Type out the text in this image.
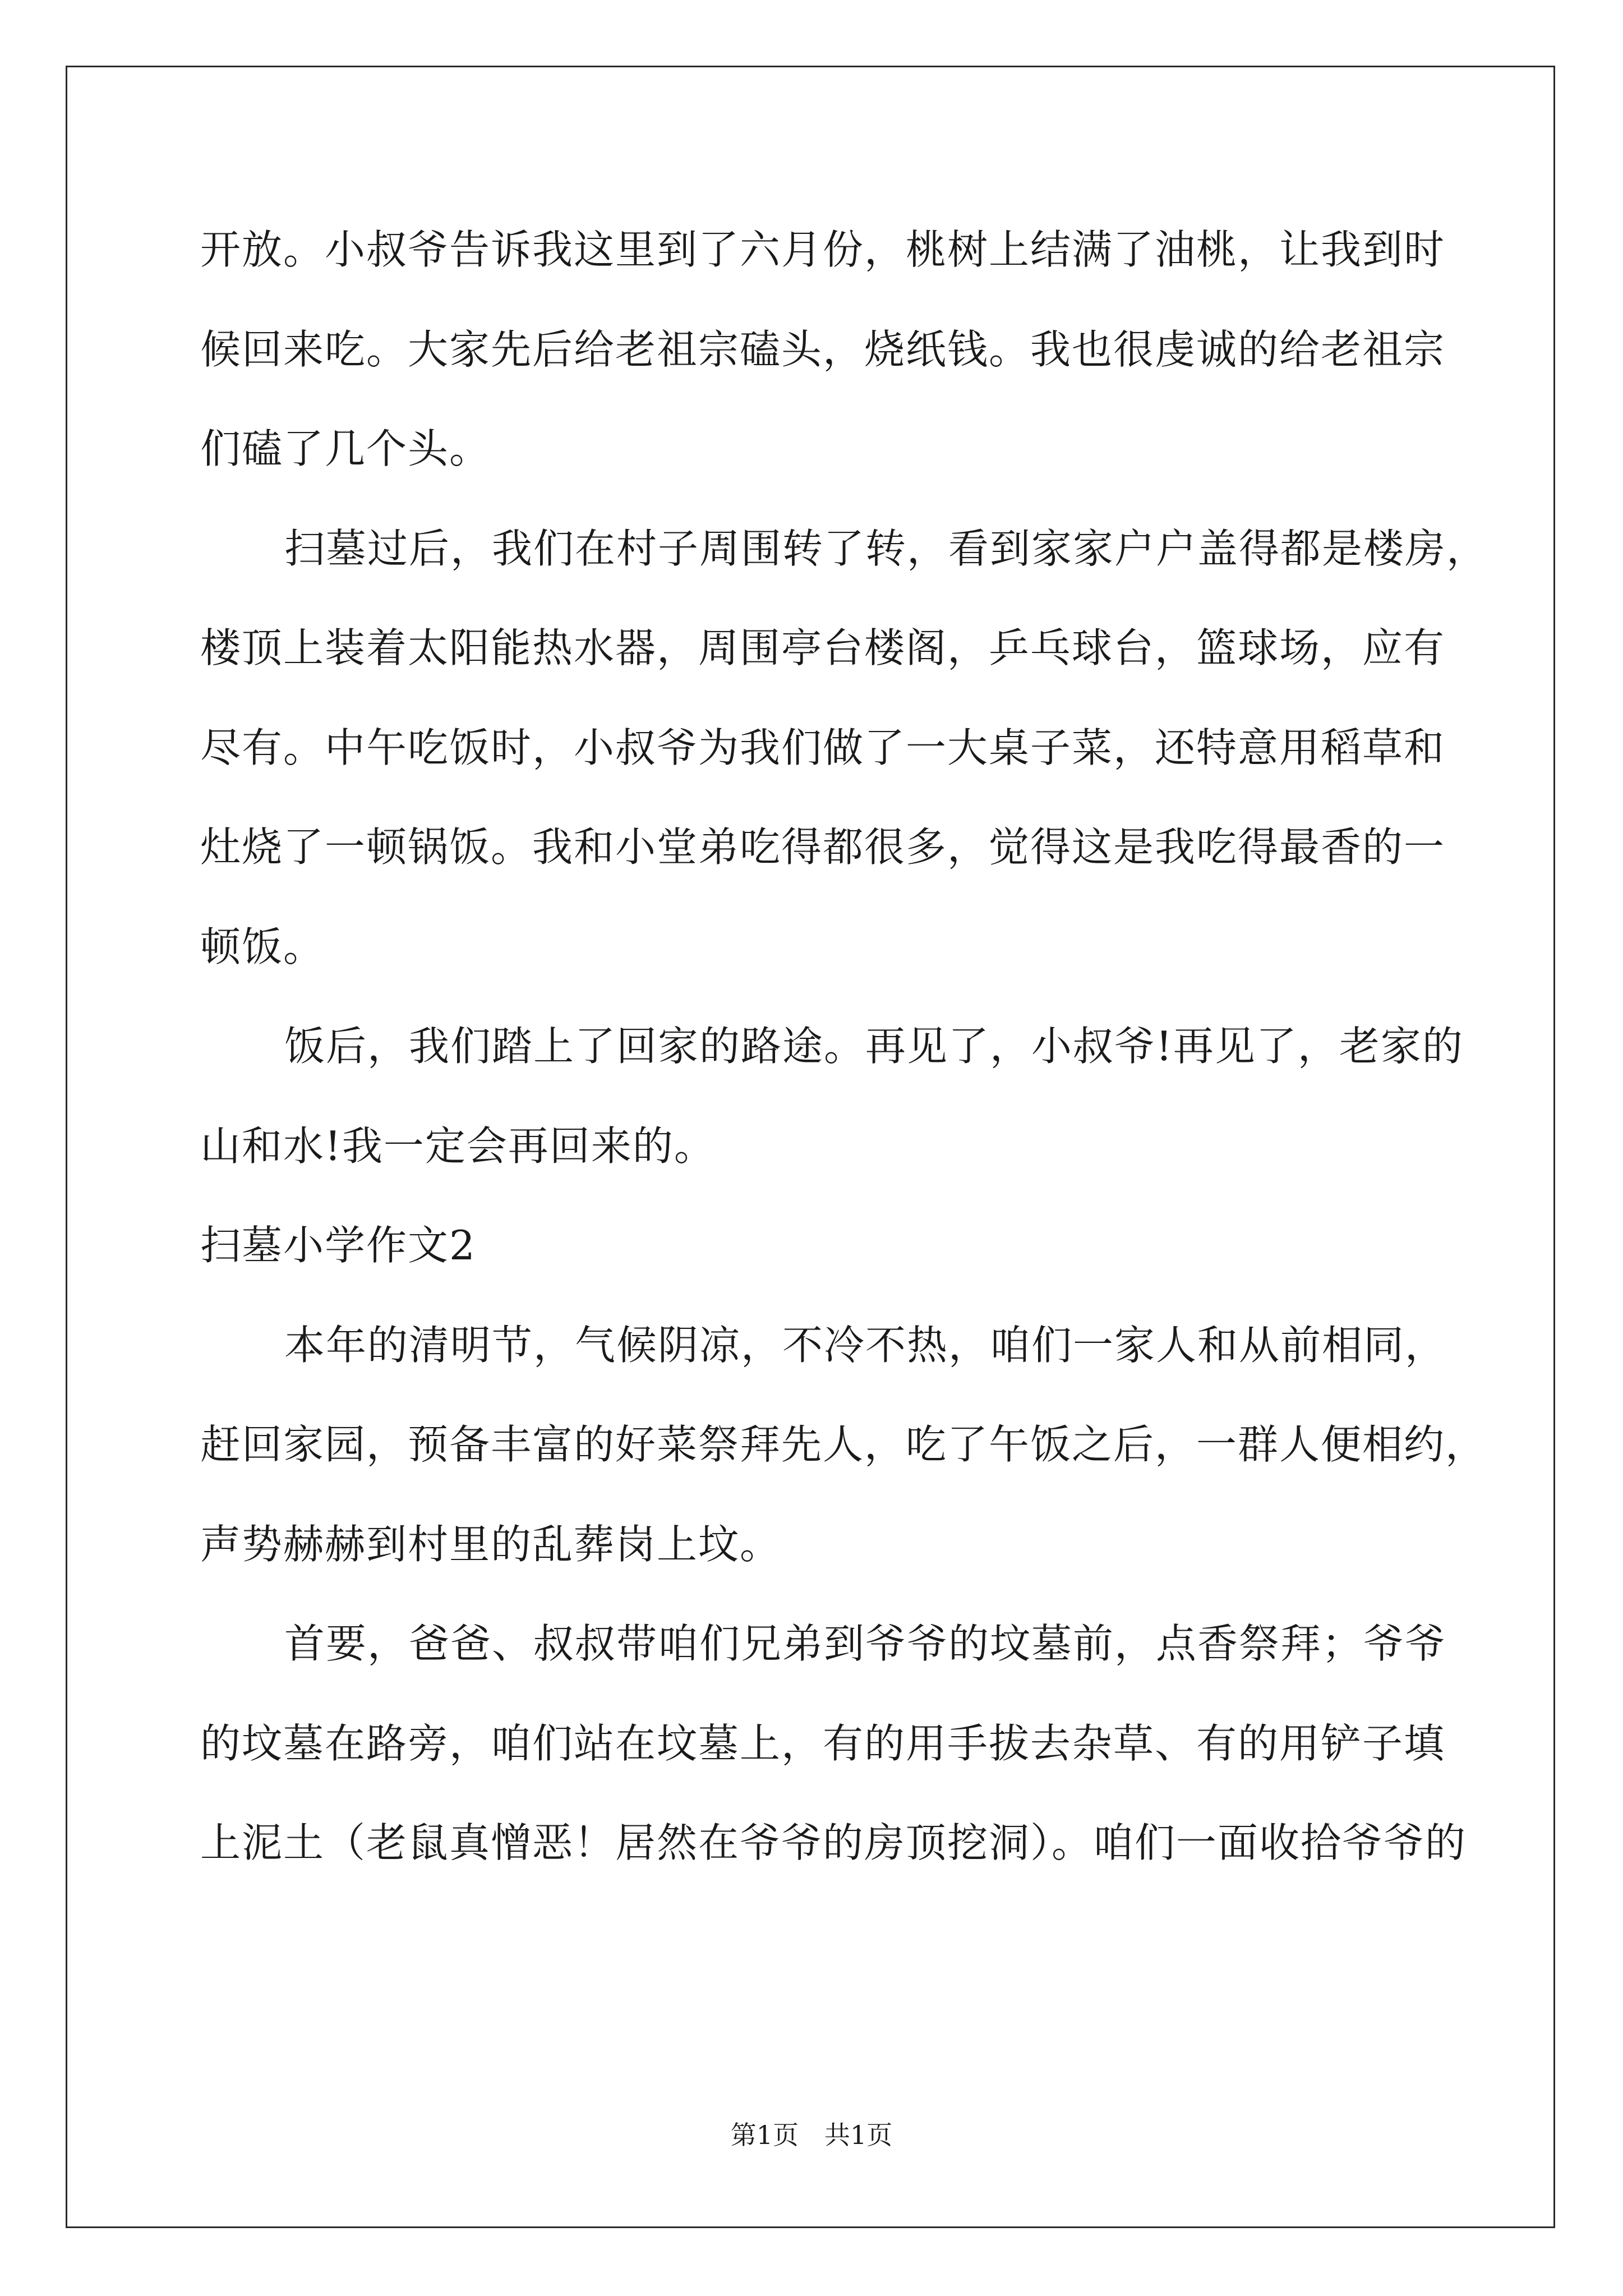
开放。小叔爷告诉我这里到了六月份，桃树上结满了油桃，让我到时
候回来吃。大家先后给老祖宗磕头，烧纸钱。我也很虔诚的给老祖宗
们磕了几个头。
扫墓过后，我们在村子周围转了转，看到家家户户盖得都是楼房，
楼顶上装着太阳能热水器，周围亭台楼阁，乒乓球台，篮球场，应有
尽有。中午吃饭时，小叔爷为我们做了一大桌子菜，还特意用稻草和
灶烧了一顿锅饭。我和小堂弟吃得都很多，觉得这是我吃得最香的一
顿饭。
饭后，我们踏上了回家的路途。再见了，小叔爷!再见了，老家的
山和水!我一定会再回来的。
扫墓小学作文2
本年的清明节，气候阴凉，不冷不热，咱们一家人和从前相同，
赶回家园，预备丰富的好菜祭拜先人，吃了午饭之后，一群人便相约，
声势赫赫到村里的乱葬岗上坟。
首要，爸爸、叔叔带咱们兄弟到爷爷的坟墓前，点香祭拜；爷爷
的坟墓在路旁，咱们站在坟墓上，有的用手拔去杂草、有的用铲子填
上泥土（老鼠真憎恶！居然在爷爷的房顶挖洞）。咱们一面收拾爷爷的
第1页　共1页
